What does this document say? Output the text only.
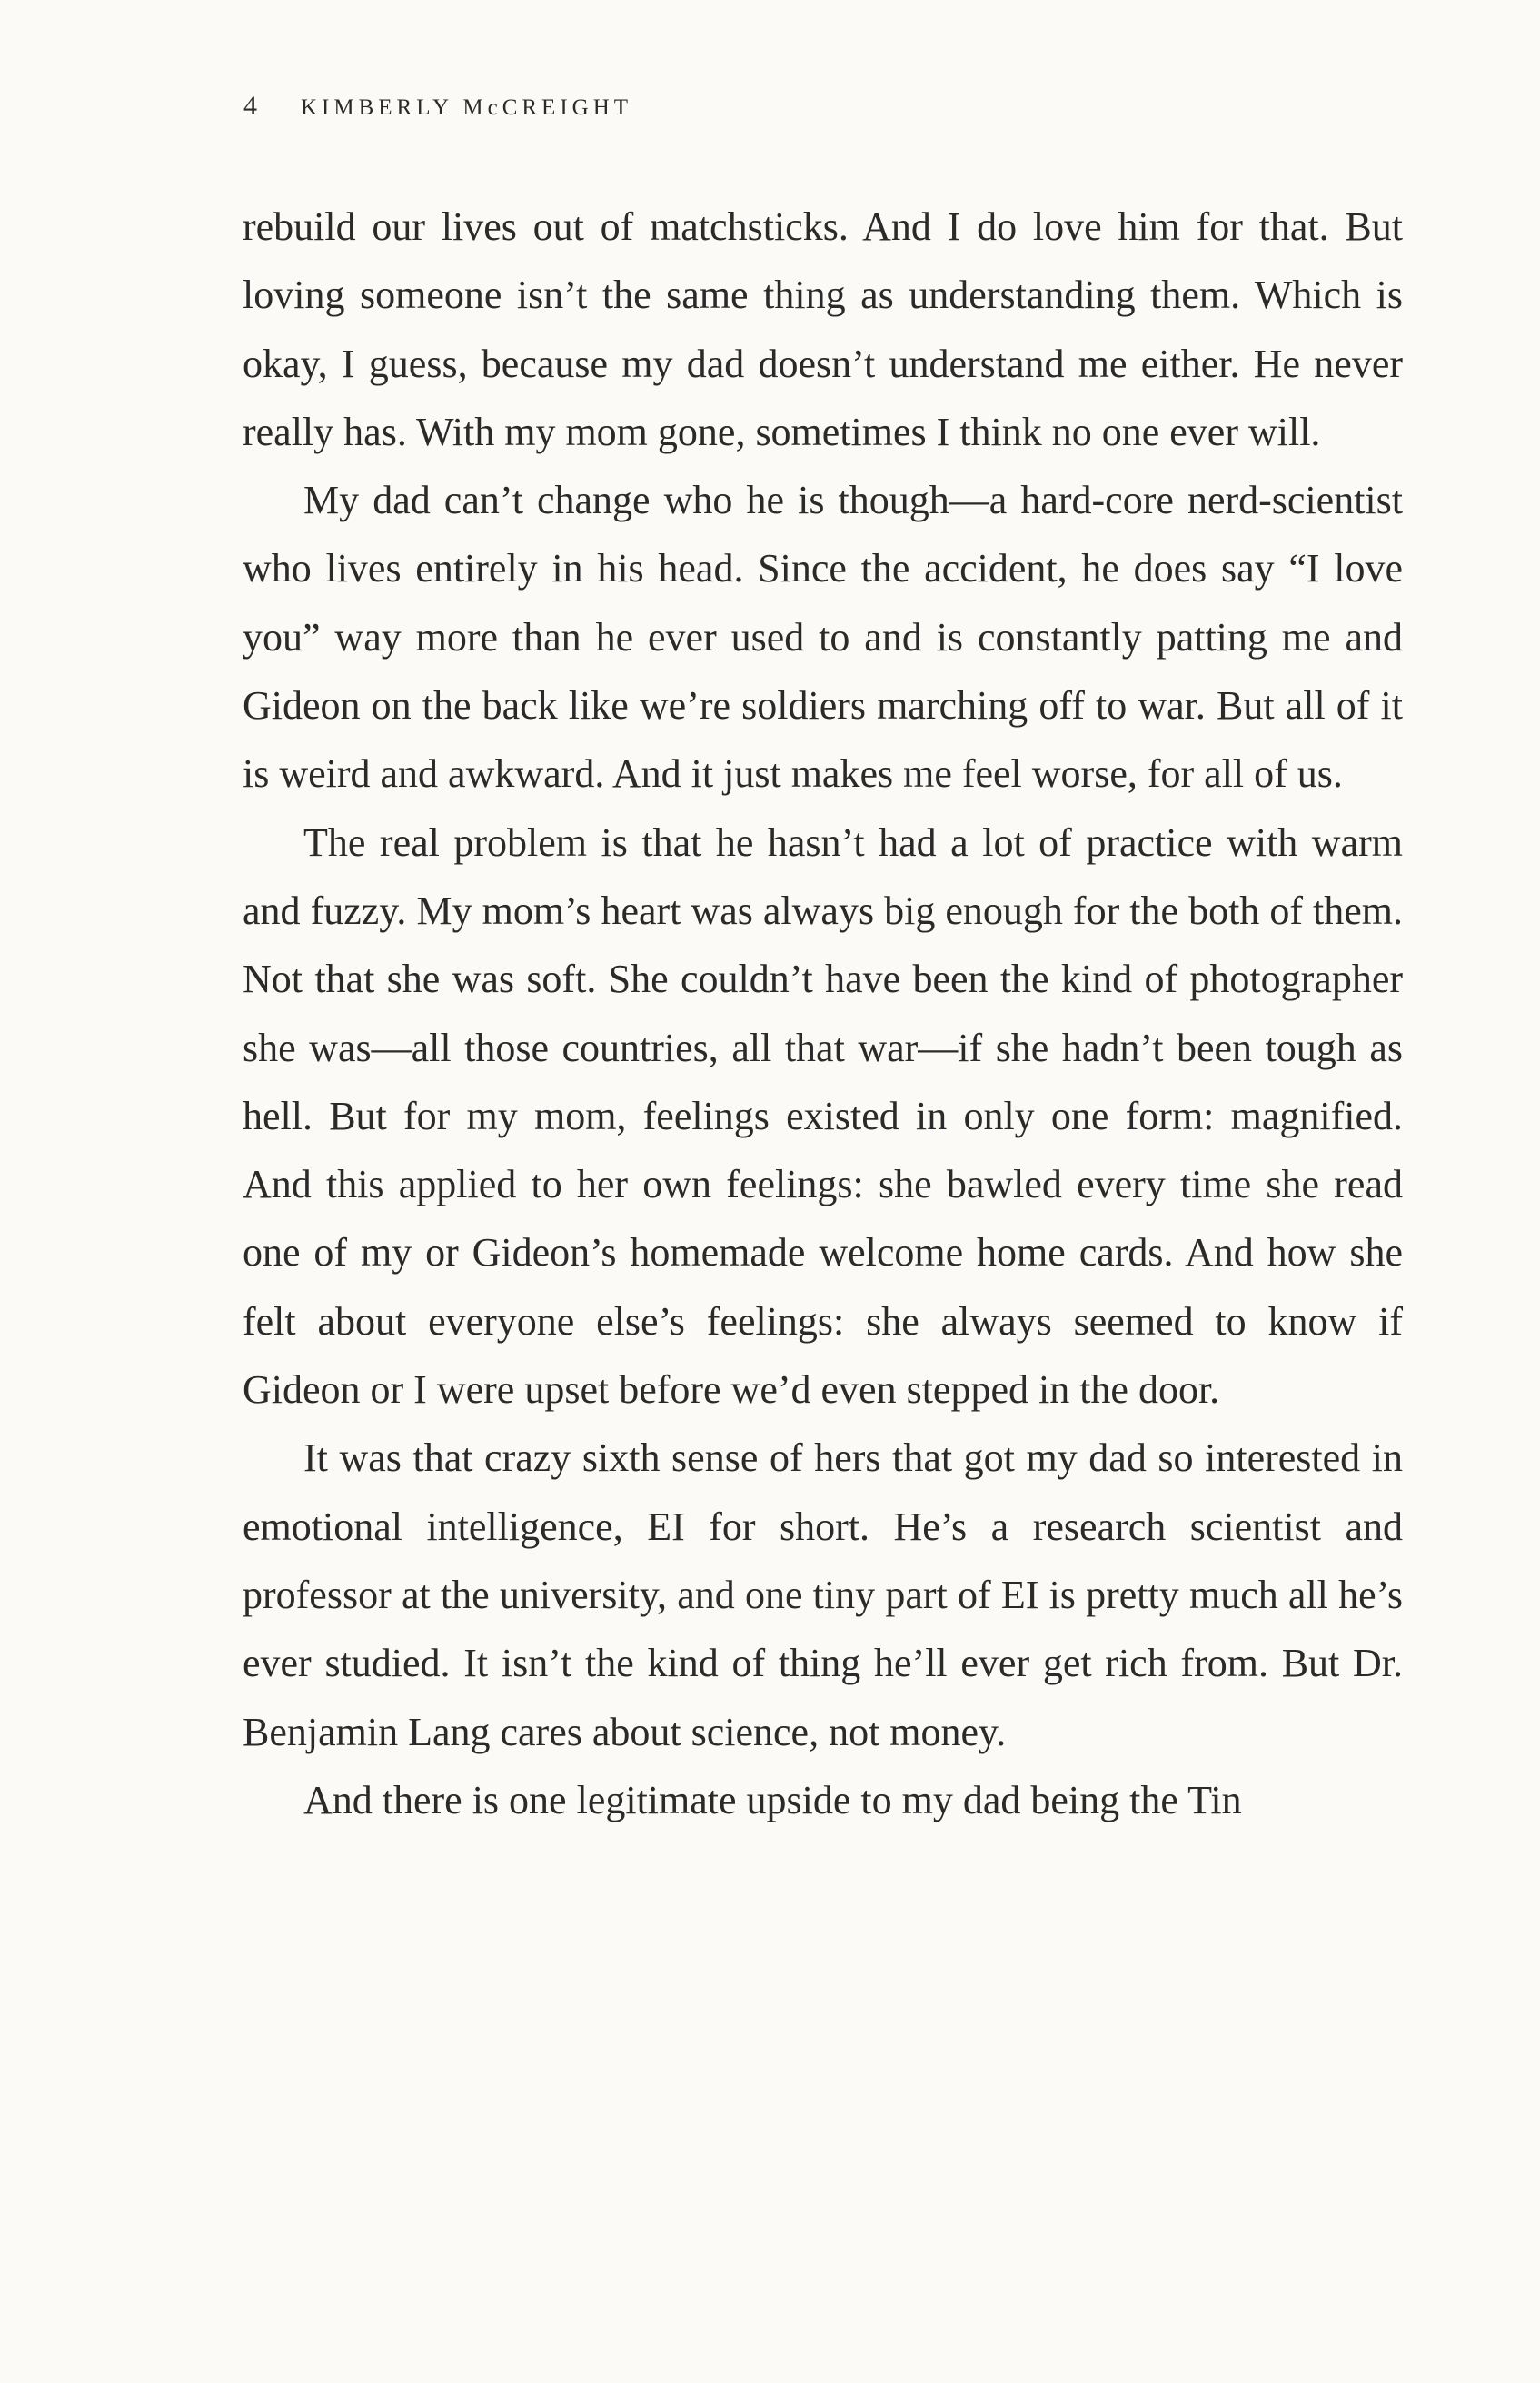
4 KIMBERLY McCREIGHT

rebuild our lives out of matchsticks. And I do love him for that. But loving someone isn’t the same thing as understanding them. Which is okay, I guess, because my dad doesn’t understand me either. He never really has. With my mom gone, sometimes I think no one ever will.

My dad can’t change who he is though—a hard-core nerd-scientist who lives entirely in his head. Since the accident, he does say “I love you” way more than he ever used to and is constantly patting me and Gideon on the back like we’re soldiers marching off to war. But all of it is weird and awkward. And it just makes me feel worse, for all of us.

The real problem is that he hasn’t had a lot of practice with warm and fuzzy. My mom’s heart was always big enough for the both of them. Not that she was soft. She couldn’t have been the kind of photographer she was—all those countries, all that war—if she hadn’t been tough as hell. But for my mom, feelings existed in only one form: magnified. And this applied to her own feelings: she bawled every time she read one of my or Gideon’s homemade welcome home cards. And how she felt about everyone else’s feelings: she always seemed to know if Gideon or I were upset before we’d even stepped in the door.

It was that crazy sixth sense of hers that got my dad so interested in emotional intelligence, EI for short. He’s a research scientist and professor at the university, and one tiny part of EI is pretty much all he’s ever studied. It isn’t the kind of thing he’ll ever get rich from. But Dr. Benjamin Lang cares about science, not money.

And there is one legitimate upside to my dad being the Tin
